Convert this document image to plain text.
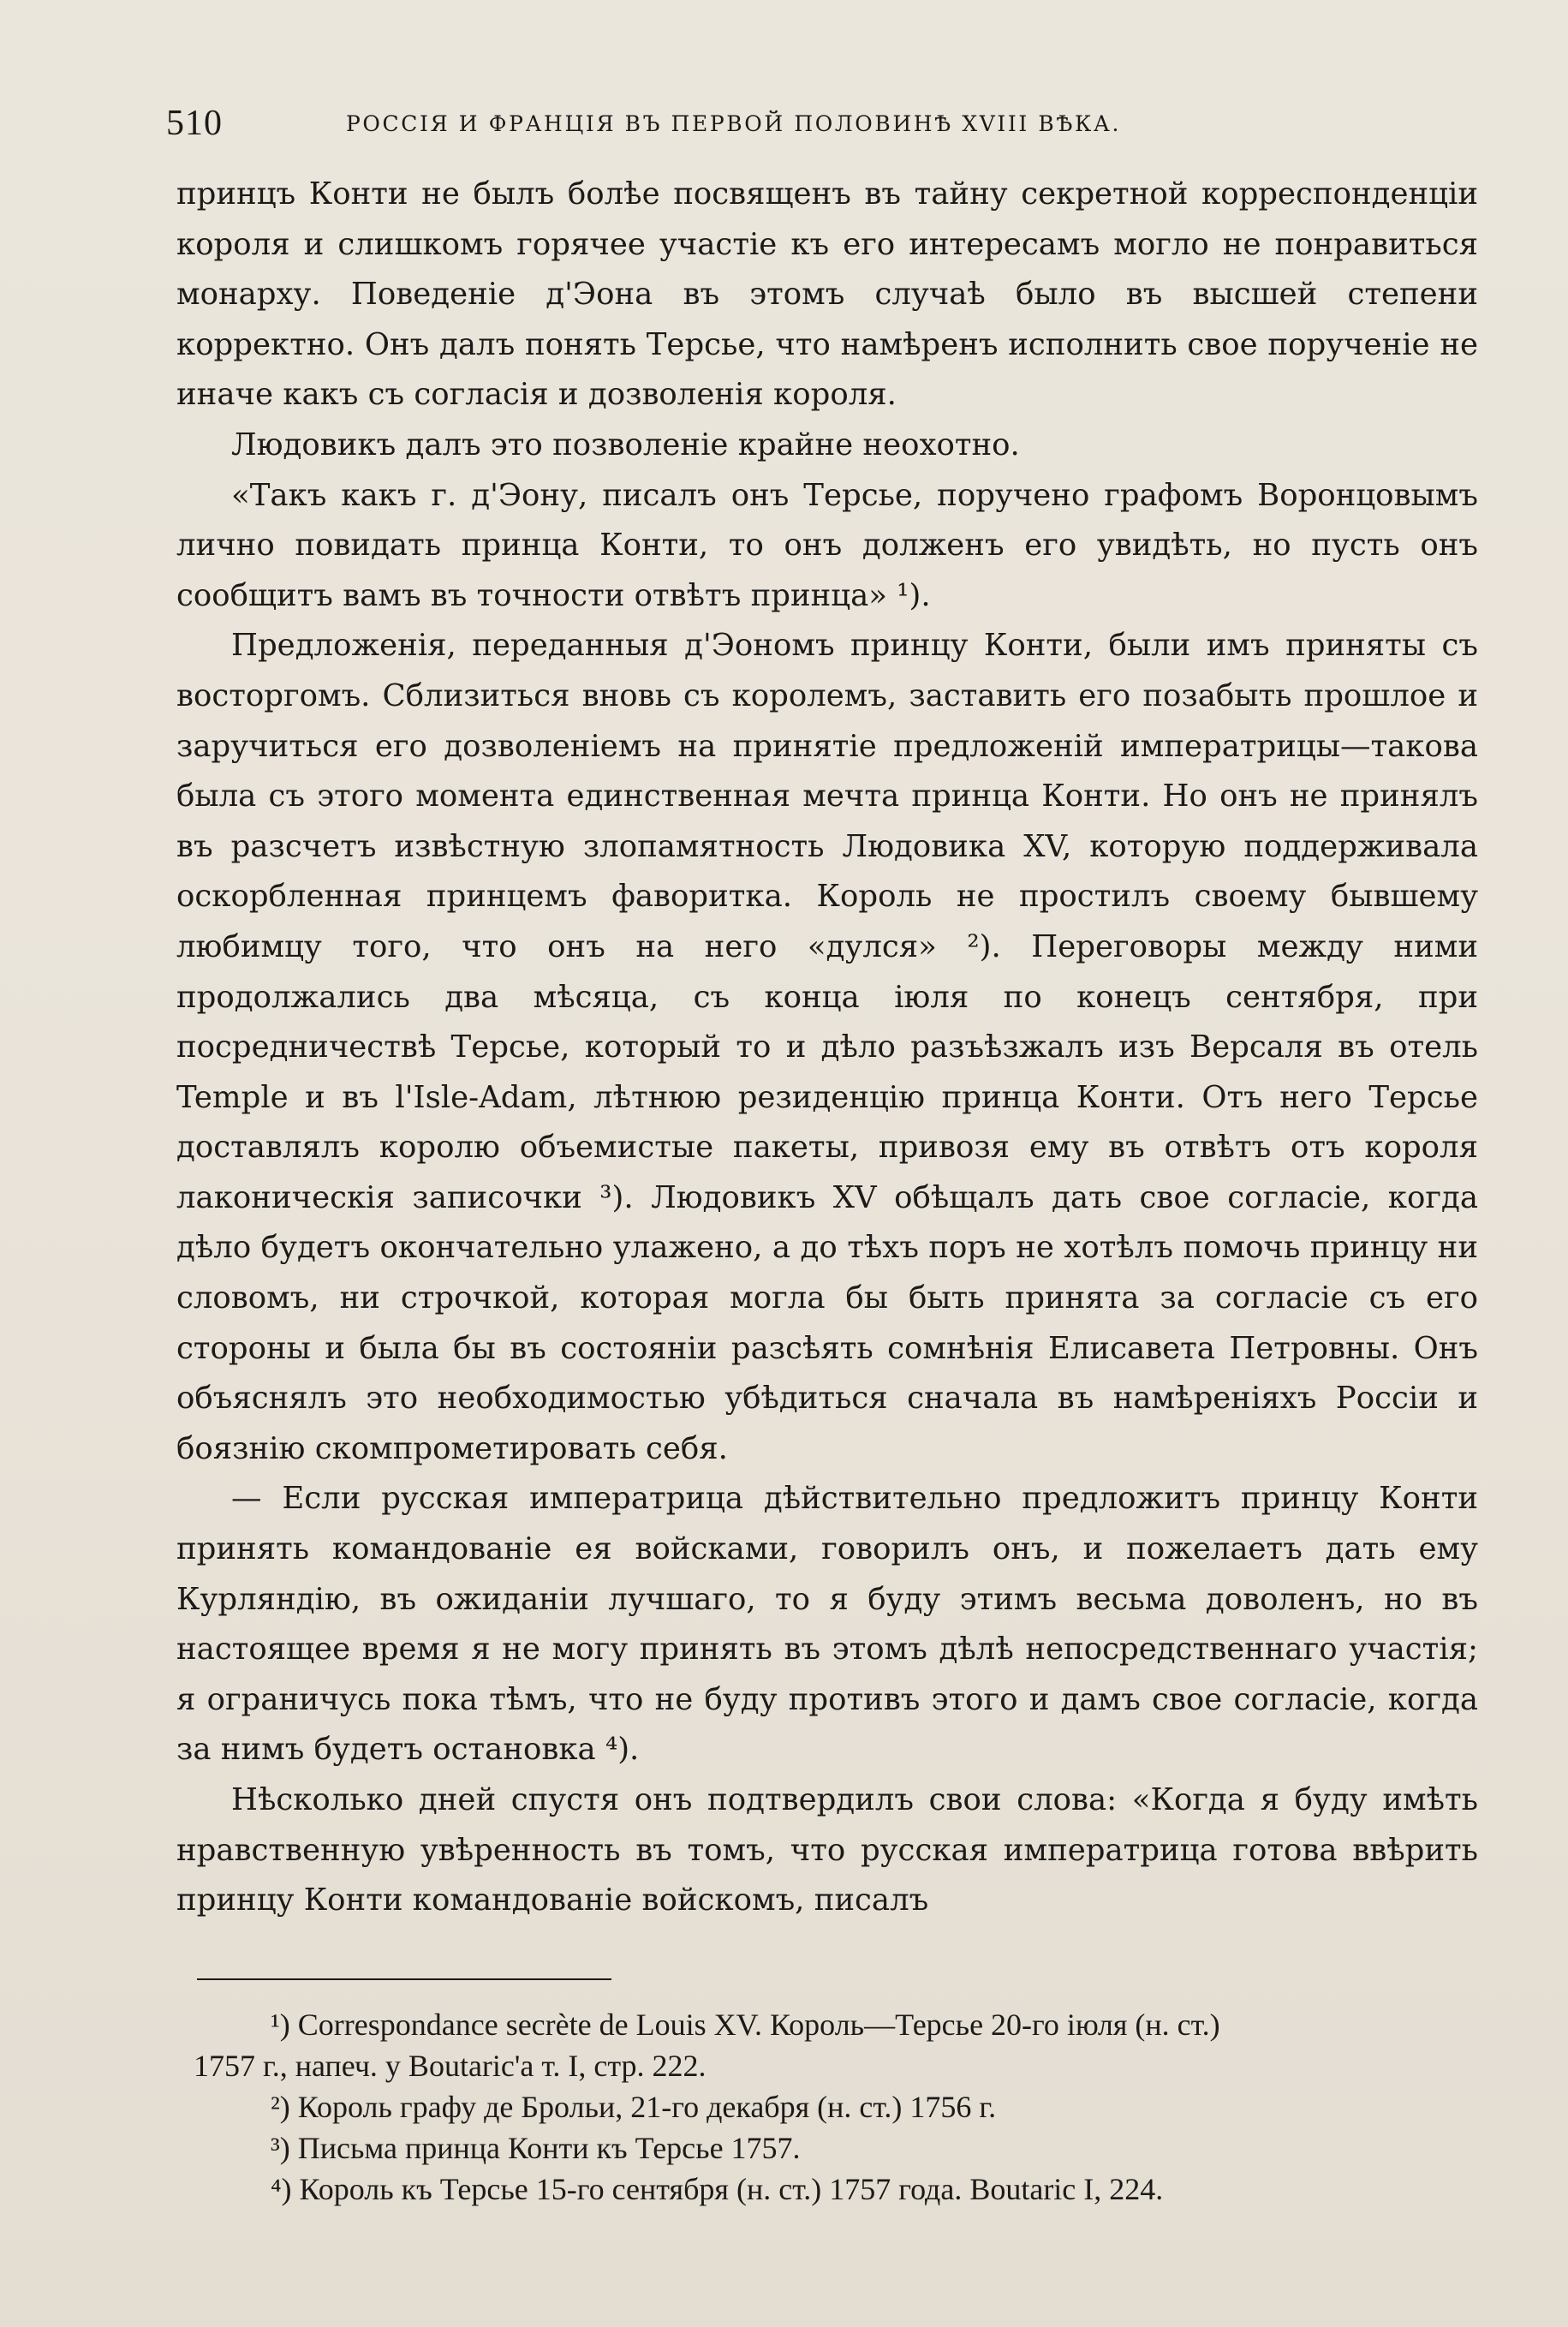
510	РОССІЯ И ФРАНЦІЯ ВЪ ПЕРВОЙ ПОЛОВИНѢ XVIII ВѢКА.

принцъ Конти не былъ болѣе посвященъ въ тайну секретной корреспонденціи короля и слишкомъ горячее участіе къ его интересамъ могло не понравиться монарху. Поведеніе д'Эона въ этомъ случаѣ было въ высшей степени корректно. Онъ далъ понять Терсье, что намѣренъ исполнить свое порученіе не иначе какъ съ согласія и дозволенія короля.

Людовикъ далъ это позволеніе крайне неохотно.

«Такъ какъ г. д'Эону, писалъ онъ Терсье, поручено графомъ Воронцовымъ лично повидать принца Конти, то онъ долженъ его увидѣть, но пусть онъ сообщитъ вамъ въ точности отвѣтъ принца» ¹).

Предложенія, переданныя д'Эономъ принцу Конти, были имъ приняты съ восторгомъ. Сблизиться вновь съ королемъ, заставить его позабыть прошлое и заручиться его дозволеніемъ на принятіе предложеній императрицы—такова была съ этого момента единственная мечта принца Конти. Но онъ не принялъ въ разсчетъ извѣстную злопамятность Людовика XV, которую поддерживала оскорбленная принцемъ фаворитка. Король не простилъ своему бывшему любимцу того, что онъ на него «дулся» ²). Переговоры между ними продолжались два мѣсяца, съ конца іюля по конецъ сентября, при посредничествѣ Терсье, который то и дѣло разъѣзжалъ изъ Версаля въ отель Temple и въ l'Isle-Adam, лѣтнюю резиденцію принца Конти. Отъ него Терсье доставлялъ королю объемистые пакеты, привозя ему въ отвѣтъ отъ короля лаконическія записочки ³). Людовикъ XV обѣщалъ дать свое согласіе, когда дѣло будетъ окончательно улажено, а до тѣхъ поръ не хотѣлъ помочь принцу ни словомъ, ни строчкой, которая могла бы быть принята за согласіе съ его стороны и была бы въ состояніи разсѣять сомнѣнія Елисавета Петровны. Онъ объяснялъ это необходимостью убѣдиться сначала въ намѣреніяхъ Россіи и боязнію скомпрометировать себя.

— Если русская императрица дѣйствительно предложитъ принцу Конти принять командованіе ея войсками, говорилъ онъ, и пожелаетъ дать ему Курляндію, въ ожиданіи лучшаго, то я буду этимъ весьма доволенъ, но въ настоящее время я не могу принять въ этомъ дѣлѣ непосредственнаго участія; я ограничусь пока тѣмъ, что не буду противъ этого и дамъ свое согласіе, когда за нимъ будетъ остановка ⁴).

Нѣсколько дней спустя онъ подтвердилъ свои слова: «Когда я буду имѣть нравственную увѣренность въ томъ, что русская императрица готова ввѣрить принцу Конти командованіе войскомъ, писалъ

¹) Correspondance secrète de Louis XV. Король—Терсье 20-го іюля (н. ст.)

1757 г., напеч. у Boutaric'а т. I, стр. 222.

²) Король графу де Брольи, 21-го декабря (н. ст.) 1756 г.

³) Письма принца Конти къ Терсье 1757.

⁴) Король къ Терсье 15-го сентября (н. ст.) 1757 года. Boutaric I, 224.
